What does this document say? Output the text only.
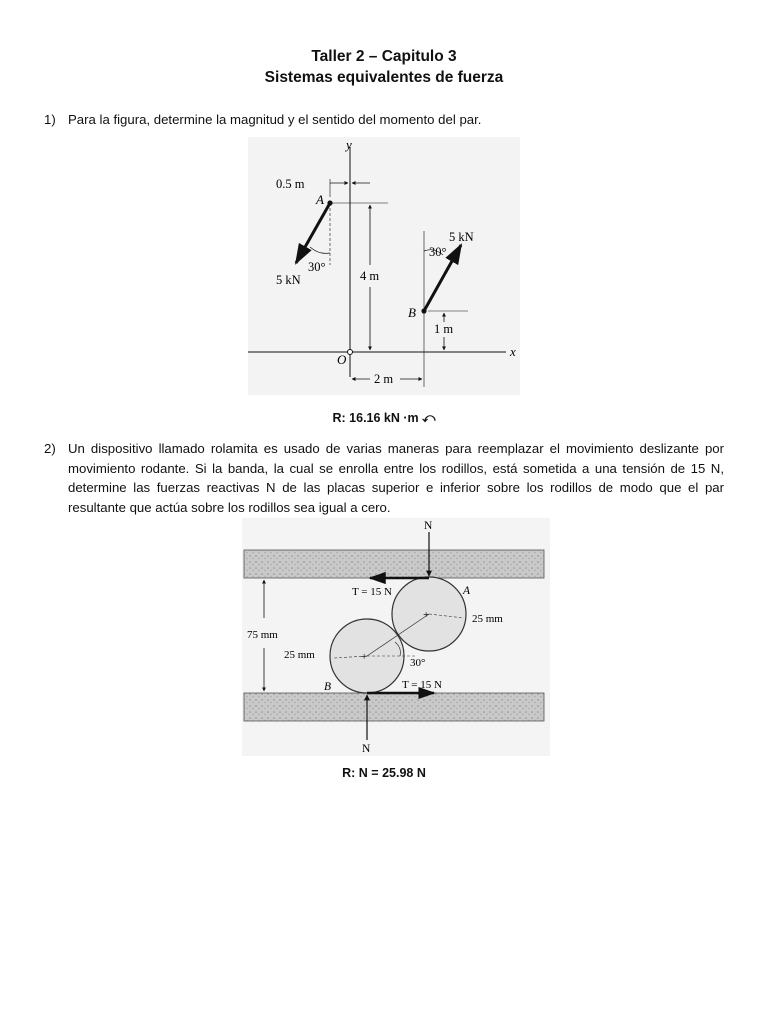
Taller 2 – Capitulo 3
Sistemas equivalentes de fuerza
1) Para la figura, determine la magnitud y el sentido del momento del par.
y
x
O
0.5 m
A
30°
5 kN	4 m
B
30°
5 kN
1 m
2 m
R: 16.16 kN ·m ⤺
2) Un dispositivo llamado rolamita es usado de varias maneras para reemplazar el movimiento deslizante por movimiento rodante. Si la banda, la cual se enrolla entre los rodillos, está sometida a una tensión de 15 N, determine las fuerzas reactivas N de las placas superior e inferior sobre los rodillos de modo que el par resultante que actúa sobre los rodillos sea igual a cero.
+
+
N
N
T = 15 N
T = 15 N
A
B
25 mm
25 mm
30°
75 mm
R: N = 25.98 N
